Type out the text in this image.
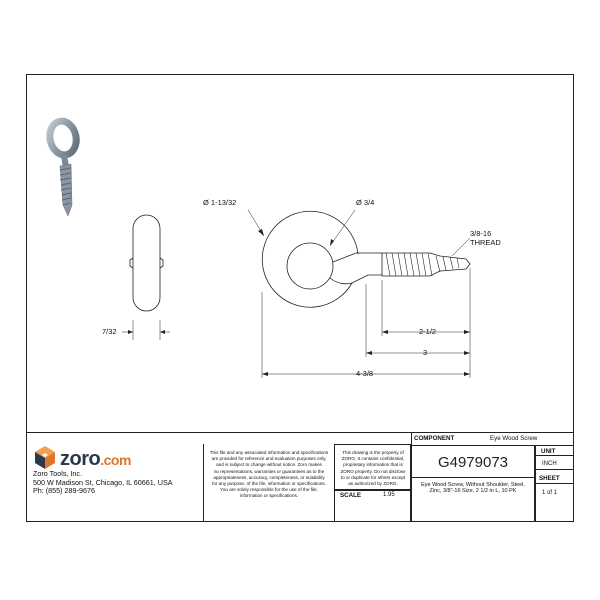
Ø 1-13/32	Ø 3/4
3/8-16
THREAD
7/32	2-1/2
3
4-3/8
zoro.com
Zoro Tools, Inc.
500 W Madison St, Chicago, IL 60661, USA
Ph: (855) 289-9676
This file and any associated information and specifications
are provided for reference and evaluation purposes only,
and is subject to change without notice. Zoro makes
no representations, warranties or guarantees as to the
appropriateness, accuracy, completeness, or suitability
for any purpose, of the file, information or specifications.
You are solely responsible for the use of the file,
information or specifications.
This drawing is the property of
ZORO. It contains confidential,
proprietary information that is
ZORO property. Do not disclose
to or duplicate for others except
as authorized by ZORO.
COMPONENT	Eye Wood Screw
G4979073
Eye Wood Screw, Without Shoulder, Steel,
Zinc, 3/8"-16 Size, 2 1/2 in L, 10 PK
UNIT
INCH
SHEET
1 of 1
SCALE	1.95
